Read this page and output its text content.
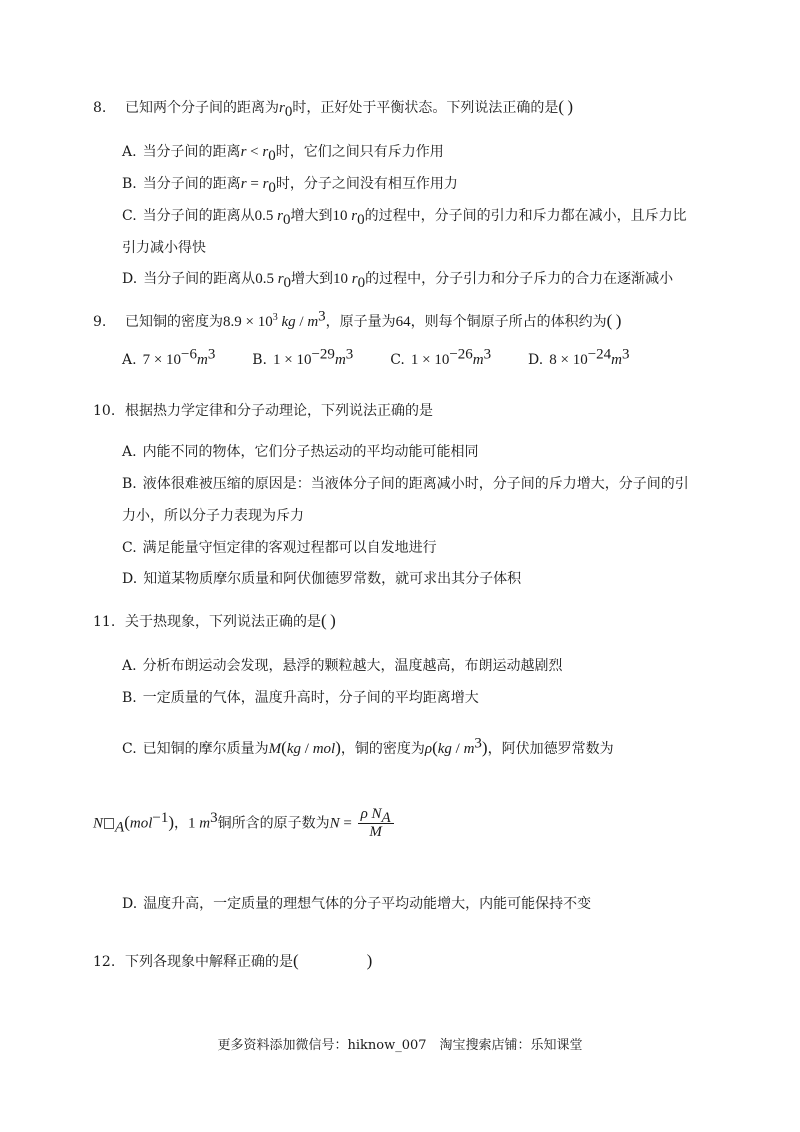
8. 已知两个分子间的距离为$r_0$时，正好处于平衡状态。下列说法正确的是( )
A. 当分子间的距离$r < r_0$时，它们之间只有斥力作用
B. 当分子间的距离$r = r_0$时，分子之间没有相互作用力
C. 当分子间的距离从0.5 $r_0$增大到10 $r_0$的过程中，分子间的引力和斥力都在减小，且斥力比
引力减小得快
D. 当分子间的距离从0.5 $r_0$增大到10 $r_0$的过程中，分子引力和分子斥力的合力在逐渐减小
9. 已知铜的密度为$8.9 \times 10^3$ kg / $m^3$，原子量为64，则每个铜原子所占的体积约为( )
A. $7 \times 10^{-6}m^3$	B. $1 \times 10^{-29}m^3$	C. $1 \times 10^{-26}m^3$	D. $8 \times 10^{-24}m^3$
10. 根据热力学定律和分子动理论，下列说法正确的是
A. 内能不同的物体，它们分子热运动的平均动能可能相同
B. 液体很难被压缩的原因是：当液体分子间的距离减小时，分子间的斥力增大，分子间的引
力小，所以分子力表现为斥力
C. 满足能量守恒定律的客观过程都可以自发地进行
D. 知道某物质摩尔质量和阿伏伽德罗常数，就可求出其分子体积
11. 关于热现象，下列说法正确的是( )
A. 分析布朗运动会发现，悬浮的颗粒越大，温度越高，布朗运动越剧烈
B. 一定质量的气体，温度升高时，分子间的平均距离增大
C. 已知铜的摩尔质量为M(kg / mol)，铜的密度为$\rho(kg / m^3)$，阿伏加德罗常数为
N $_A$(mol$^{-1}$)，1 $m^3$铜所含的原子数为$N = \frac{\rho N_A}{M}$
D. 温度升高，一定质量的理想气体的分子平均动能增大，内能可能保持不变
12. 下列各现象中解释正确的是(　　　　)
更多资料添加微信号：hiknow_007　淘宝搜索店铺：乐知课堂
